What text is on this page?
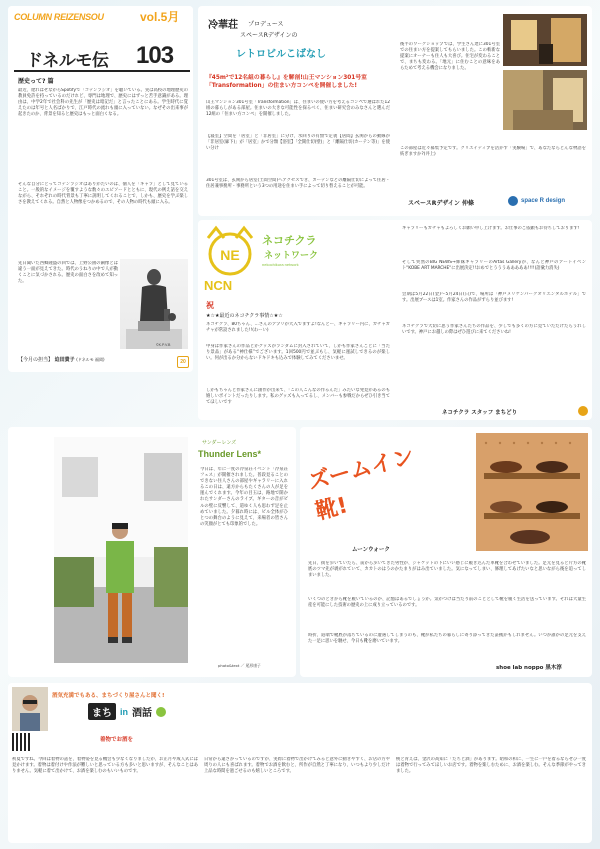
COLUMN REIZENSOU	vol.5月
ドネルモ伝 103
歴史って? 篇

最近、遅ればせながらSpotifyで「コテンラジオ」を聴いている。実は高校の地理歴史の教員免許を持っているのだけれど、専門は地理で、歴史にはずっと苦手意識がある。理由は、中学2年で社会科の先生が「歴史は暗記だ」と言ったことにある。学生時代に覚えたのは年号と人名ばかりで、江戸時代の流れも頭に入っていない。なぜその出来事が起きたのか、背景を知ると歴史はもっと面白くなる。

そんな自分にとってコテンラジオはありがたいのは、個人を「キャラ」として見ていること。一般的なイメージを覆すような数々のエピソードとともに、現代の例え話を交えながら、それぞれの時代背景も丁寧に説明してくれることで、しかも、歴史を学ぶ楽しさを教えてくれる。自然と人物像をつかめるので、その人物の時代も頭に入る。

先日聞いた西郷隆盛の回では、上野公園の銅像とは違う一面が見えてきた。時代のうねりの中で人が動くことに気づかされる。歴史の面白さを改めて知った。

©K.P.V.B
【今月の担当】 迫田貴子 (ドネルモ 福岡)	20
冷華荘 プロデュース
スペースRデザインの
レトロビルこばなし

『45m²で12名組の暮らし』を解剖!山王マンション301号室「Transformation」の住まい方コンペを開催しました!

山王マンション301号室「Transformation」は、住まいの使い方を考えるコンペで選ばれた12組の暮らしがある部屋。住まいの大きな可能性を探るべく、住まい研究会のみなさんと選んだ12組の「住まい方コンペ」を開催しました。

【寝室】空間を「居室」と「非居室」に分け、水回りの有無で定義【居間】玄関からの動線が「非居室(廊下)」が「居室」かで分類【浴室】「全開仕切(壁)」と「離隔仕切(カーテン等)」を使い分け

301号室は、玄関から居室(土間空間)へアクセスでき、カーテンなどの離隔仕切によって住居・住居兼事務所・事務所という3つの用途を住まい手によって切り替えることが可能。

後半のワークショップでは、学生さん達に301号室での住まい方を提案してもらいました。この斬新な提案にオーナーも住人も大喜び。住宅が変わることで、まちも変わる。「地元」に住むことの意味をあらためて考える機会になりました。

この部屋は近々募集予定です。クリエイティブを活かす「実験場」で、あなたならどんな物語を紡ぎますか?(井上)

スペースRデザイン 仲條	space R design
NE
ネコチクラ
ネットワーク
NCN
nekochikura network
祝
★☆★最近のネコチクラ事情☆★☆

ネコチクラ、80ちゃん、…さんのアプリが大入でますよ!なんとー、ギャラリー内に、ガチャガチャが常設されました!!(わーい)

中身は作家さんの作品とかグッズがランダムに封入されていて、しかも作家さんごとに「当たり景品」がある“神仕様”でございます。1回500円で並ぶもし、気軽に運試しできるのが楽しい。何が出るか分からないドキドキも込みで体験してみてくださいませ。

しかもちゃんと作家さんに創作が出来て、「この人こんなの作るんだ」みたいな発見があるのも嬉しいポイントだったりします。私のグッズも入ってるし、メンバーも参戦だからぜひ引き当ててほしいです

ギャラリーもガチャもよろしくお願い申し上げます。お仕事のご依頼もお待ちしております!

そして突然のBIG NEWS→姉妹ギャラリーのArtas Galleryが、なんと神戸のアートイベント"KOBE ART MARCHE"に出展決定!!おめでとうううあああああ!!!!(語彙力消失)

会期は5月22日(金)～5月24日(日)で、場所は「神戸メリケンパークオリエンタルホテル」です。出展ブースは1室。作家さんの作品がずらり並びます!

ネコチクラで大切に思う作家さんたちの作品を、少しでも多くの方に見ていただけたらうれしいです。神戸にお越しの際はぜひ遊びに来てくださいね!

ネコチクラ スタッフ まちどり
サンダーレンズ
Thunder Lens*

今日は、年に一度の冷泉荘イベント「冷泉荘フェス」が開催されました。普段見ることのできない住人さんの部屋やギャラリーに入れるこの日は、遠方からもたくさんの人が足を運んでくれます。今年の目玉は、路地で開かれたサンダーさんのライブ。ギターの音がビルの壁に反響して、道ゆく人も思わず足を止めていました。夕暮れ時には、ビル全体がひとつの舞台のように見えて、来場者の皆さんの笑顔がとても印象的でした。

photo&text ／ 尾形康子
ズームイン靴!
ムーンウォーク

先日、街を歩いていたら、前から歩いてきた男性が、ジャケットの下にいい感じに履き込んだ革靴を合わせていました。足元を見ると片方の靴底のツマ先が剥がれていて、カカトのはうのかたまりがはみ出ていました。気になってしまい、修理してあげたいなと思いながら後を追ってしまいました。

いくつのときから靴を履いているのか、記憶はあるでしょうか。気がつけば当たり前のこととして靴を履く生活を送っています。それは大量生産を可能にした技術の歴史の上に成り立っているのです。

時折、道端で靴底が落ちているのに遭遇してしまうのも、靴が私たちの暮らしに寄り添ってきた証拠かもしれません。いつか誰かの足元を支えた一足に思いを馳せ、今日も靴を磨いています。

shoe lab noppo 黒木淳
酒気充満でもある、まちづくり屋さんと聞く!
まち in 酒話
着物でお酒を

初夏ですね。今回は着物の話を、着物姿を見る機会も少なくなりましたが、お正月や成人式には見かけます。着物は着付けや作法が難しいと思っている方も多いと思いますが、そんなことはありません。気軽に着て出かけて、お酒を楽しむのもいいものです。

日常から遠ざかっているのですが、実際に着物で出かけてみると意外に動きやすく、お店の方や周りの人にも喜ばれます。着物でお酒を飲むと、所作が自然と丁寧になり、いつもより少しだけ上品な時間を過ごせるのも嬉しいところです。

桃と青えば、金沢の高知に「たちと酒」があります。昭和の和に、一生に一戸を着るならぜひ一度は着物で行ってみてほしいお店です。着物を楽しむために、お酒を楽しむ。そんな季節がやってきました。
